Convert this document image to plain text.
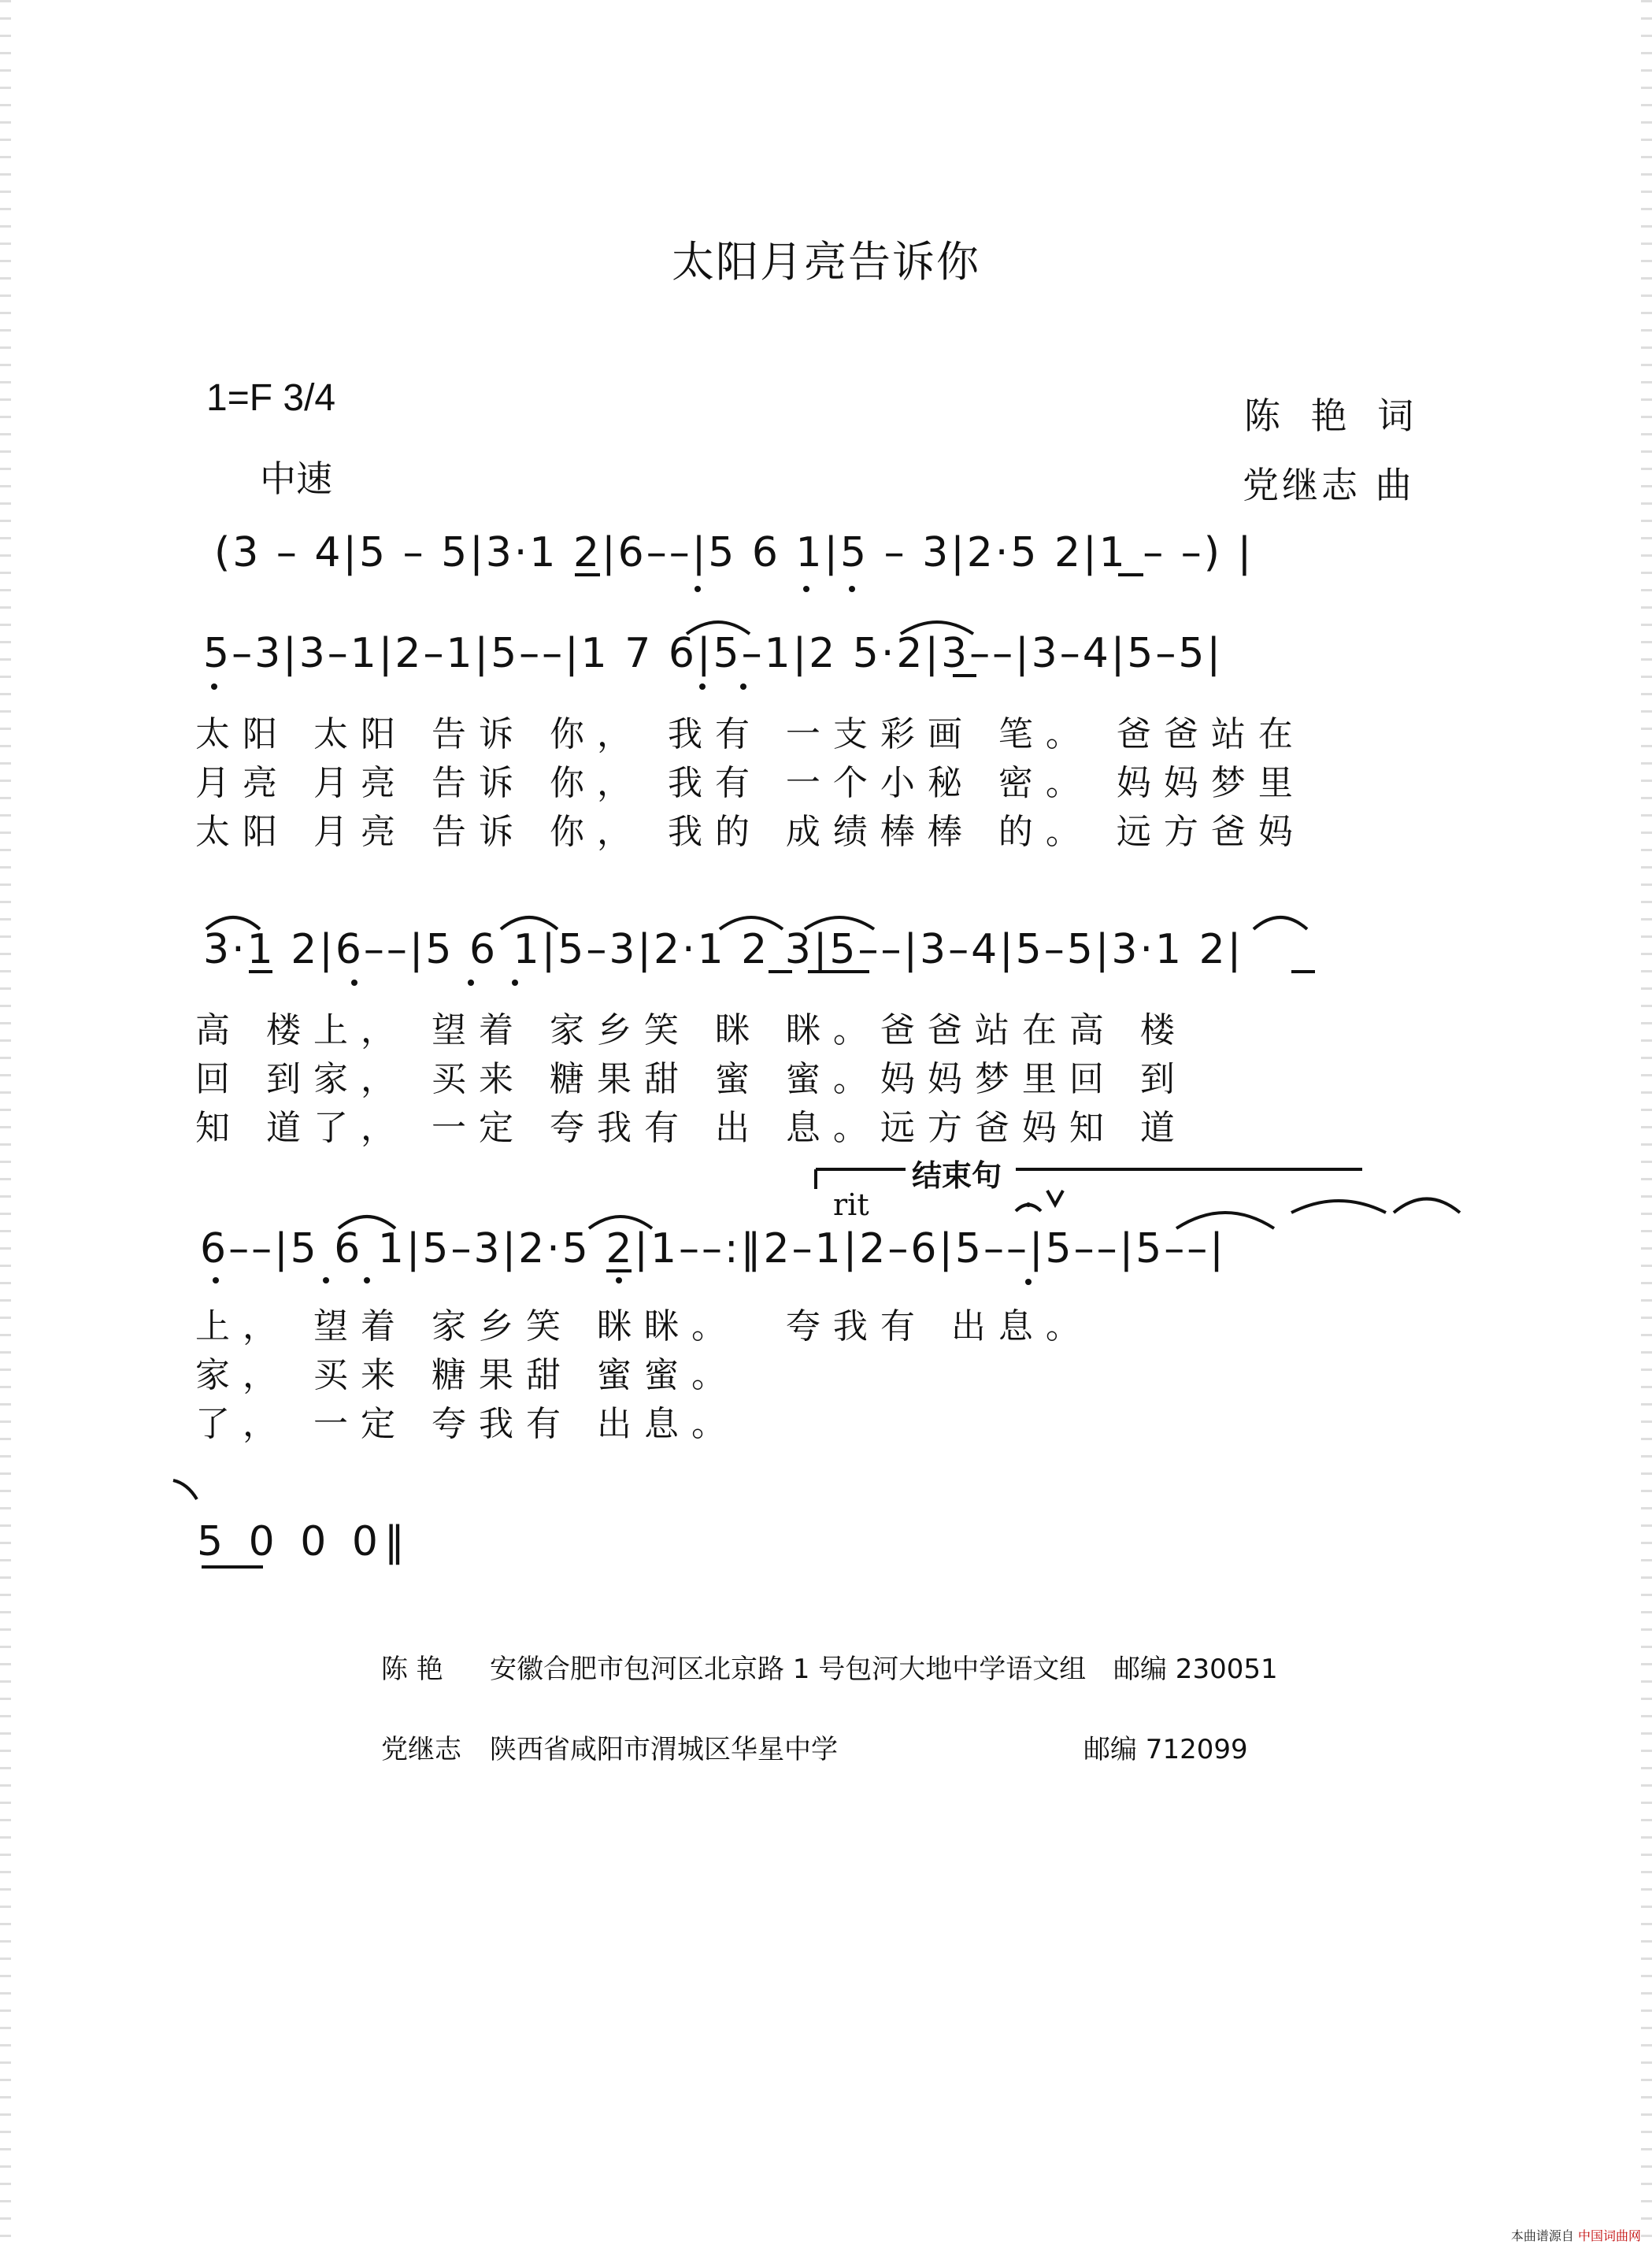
太阳月亮告诉你
1=F 3/4
中速
陈 艳 词
党继志 曲
(3 – 4|5 – 5|3·1 2|6––|5 6 1|5 – 3|2·5 2|1 – –) |
5–3|3–1|2–1|5––|1 7 6|5–1|2 5·2|3––|3–4|5–5|
3·1 2|6––|5 6 1|5–3|2·1 2 3|5––|3–4|5–5|3·1 2|
6––|5 6 1|5–3|2·5 2|1––:‖2–1|2–6|5––|5––|5––|
5 0 0 0‖
结束句
rit
太阳 太阳 告诉 你， 我有 一支彩画 笔。 爸爸站在
月亮 月亮 告诉 你， 我有 一个小秘 密。 妈妈梦里
太阳 月亮 告诉 你， 我的 成绩棒棒 的。 远方爸妈
高 楼上， 望着 家乡笑 眯 眯。爸爸站在高 楼
回 到家， 买来 糖果甜 蜜 蜜。妈妈梦里回 到
知 道了， 一定 夸我有 出 息。远方爸妈知 道
上， 望着 家乡笑 眯眯。  夸我有 出息。
家， 买来 糖果甜 蜜蜜。
了， 一定 夸我有 出息。
陈 艳 安徽合肥市包河区北京路 1 号包河大地中学语文组 邮编 230051
党继志 陕西省咸阳市渭城区华星中学	邮编 712099
本曲谱源自 中国词曲网
